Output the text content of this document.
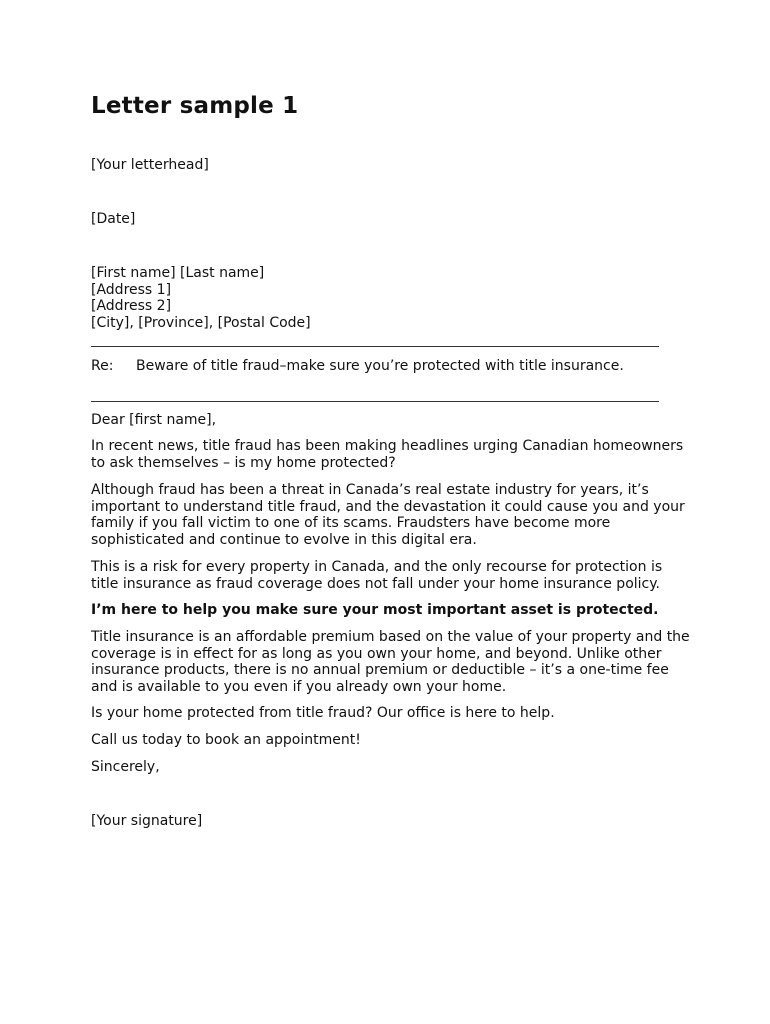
Letter sample 1

[Your letterhead]

[Date]

[First name] [Last name]

[Address 1]

[Address 2]

[City], [Province], [Postal Code]

Re: Beware of title fraud–make sure you’re protected with title insurance.

Dear [first name],

In recent news, title fraud has been making headlines urging Canadian homeowners to ask themselves – is my home protected?

Although fraud has been a threat in Canada’s real estate industry for years, it’s important to understand title fraud, and the devastation it could cause you and your family if you fall victim to one of its scams. Fraudsters have become more sophisticated and continue to evolve in this digital era.

This is a risk for every property in Canada, and the only recourse for protection is title insurance as fraud coverage does not fall under your home insurance policy.

I’m here to help you make sure your most important asset is protected.

Title insurance is an affordable premium based on the value of your property and the coverage is in effect for as long as you own your home, and beyond. Unlike other insurance products, there is no annual premium or deductible – it’s a one-time fee and is available to you even if you already own your home.

Is your home protected from title fraud? Our office is here to help.

Call us today to book an appointment!

Sincerely,

[Your signature]
